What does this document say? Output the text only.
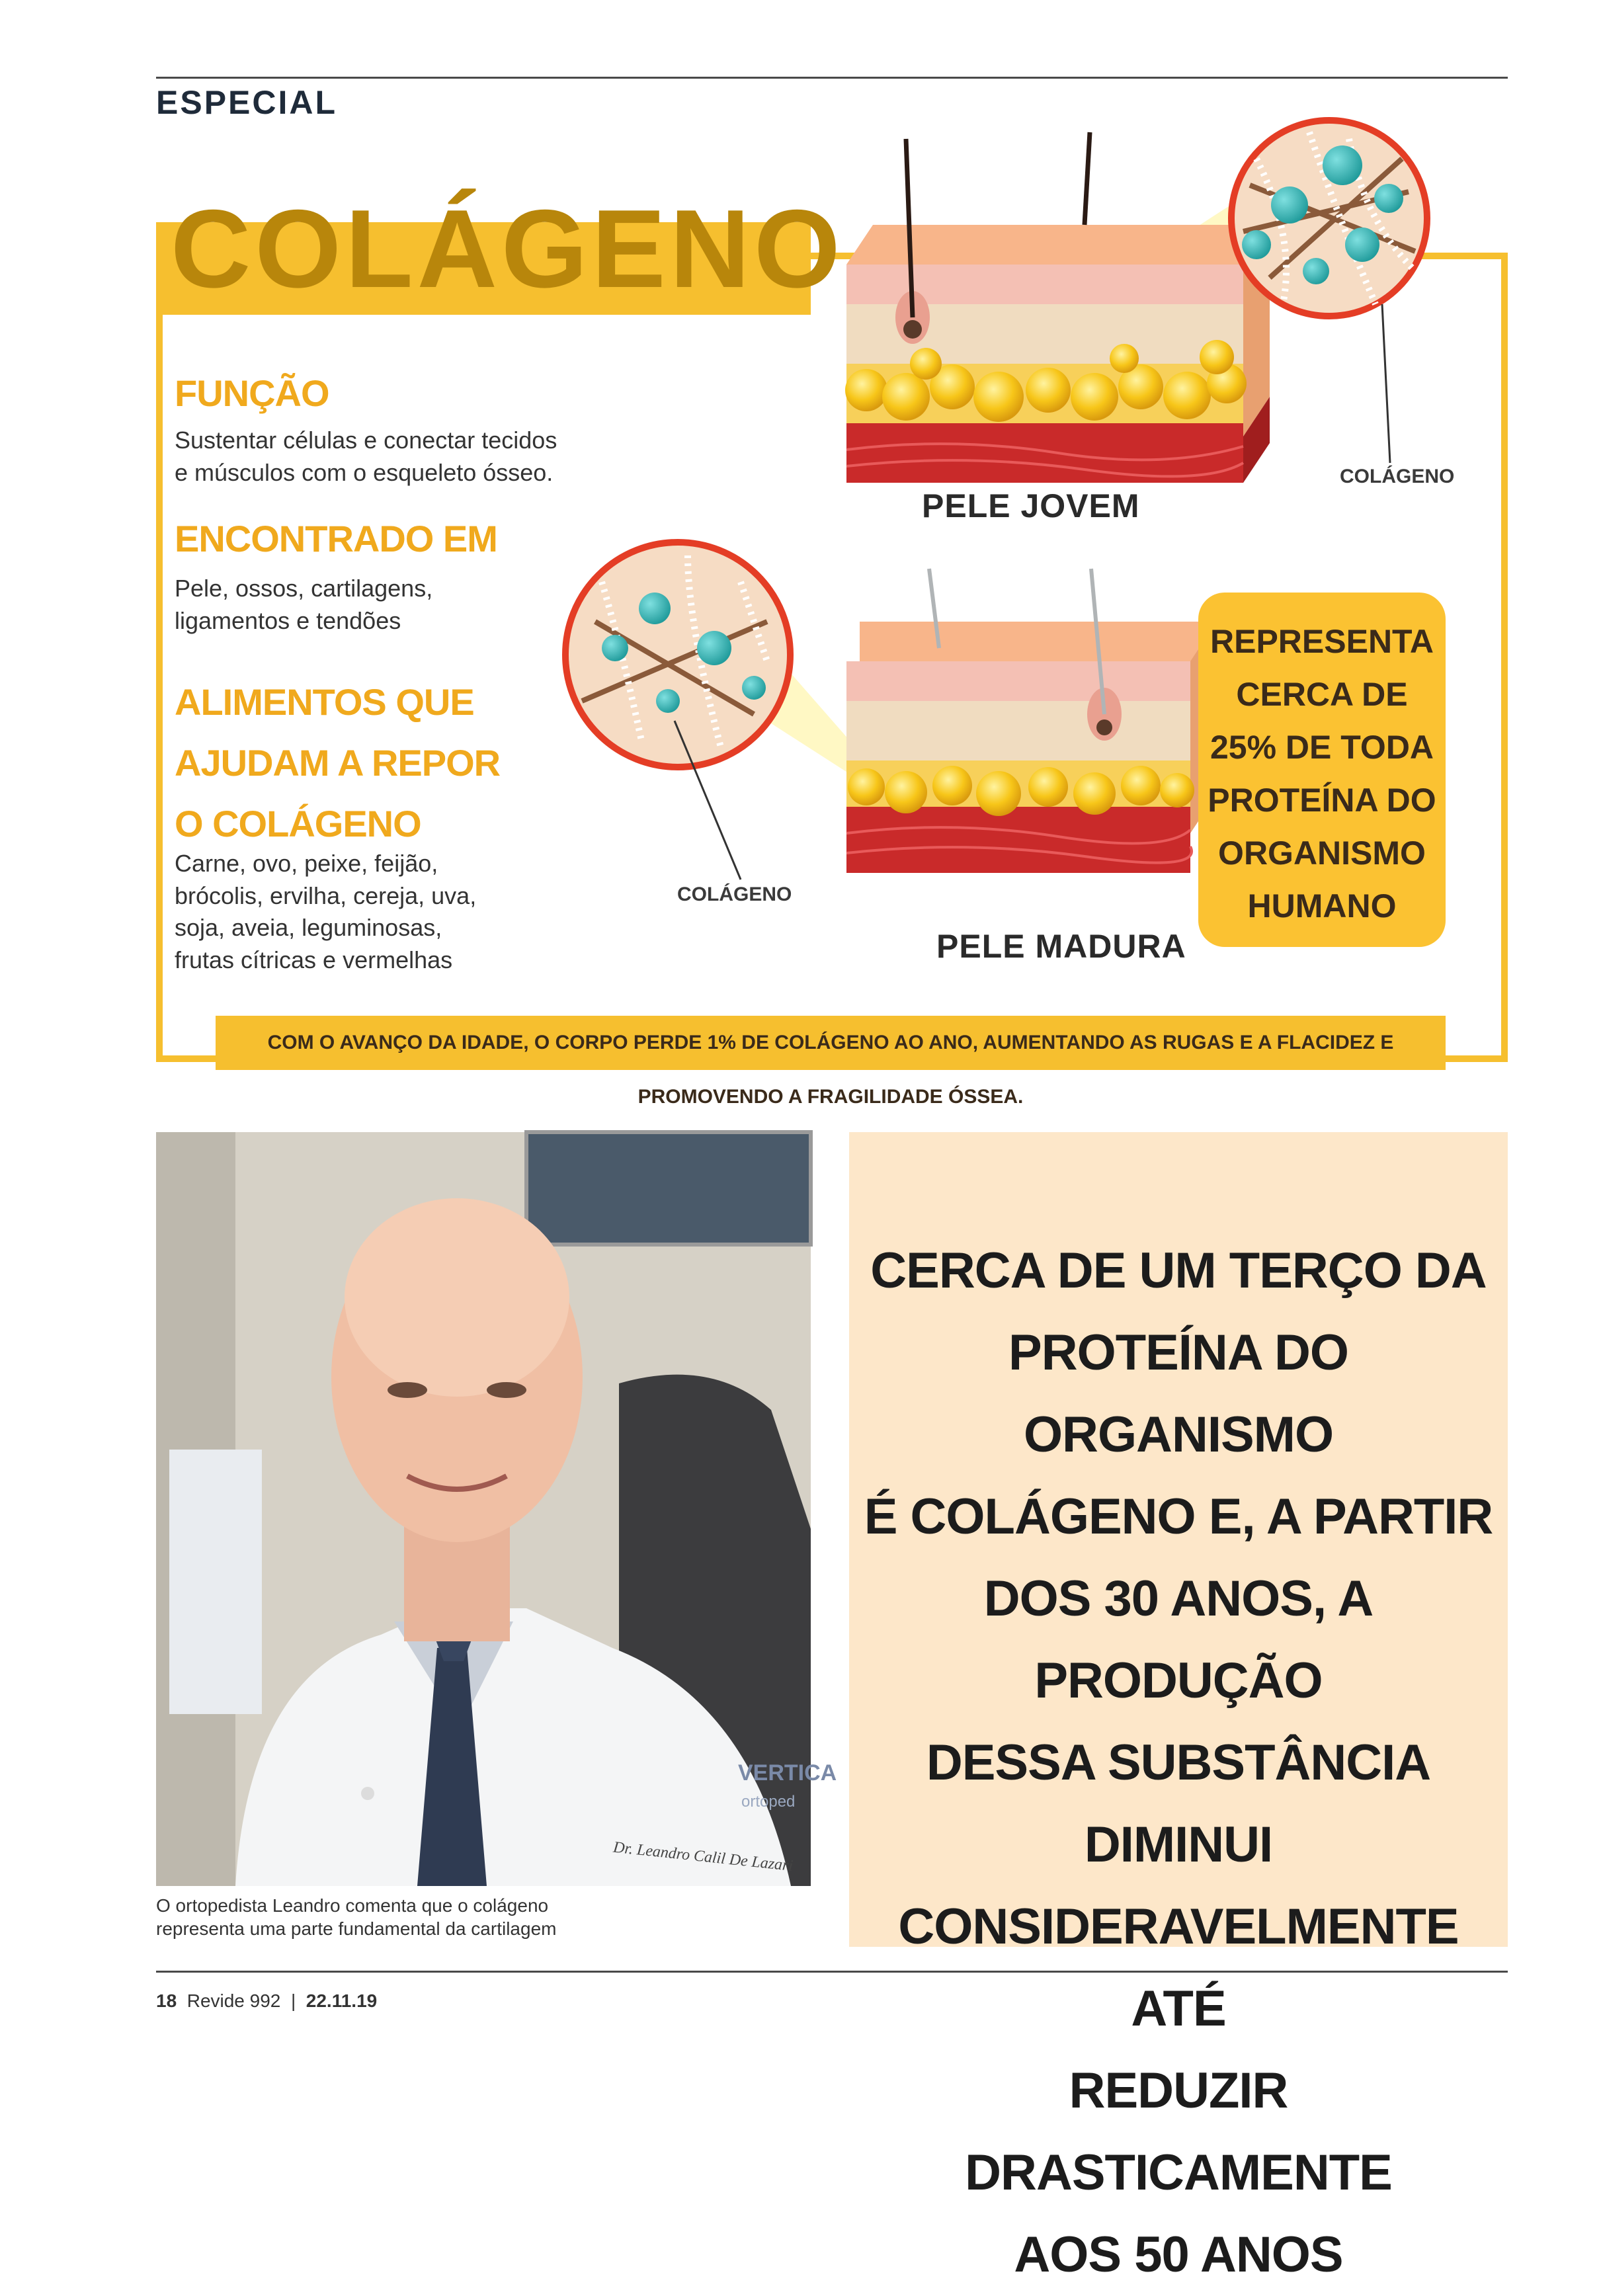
ESPECIAL
COLÁGENO
FUNÇÃO
Sustentar células e conectar tecidos
e músculos com o esqueleto ósseo.
ENCONTRADO EM
Pele, ossos, cartilagens,
ligamentos e tendões
ALIMENTOS QUE
AJUDAM A REPOR
O COLÁGENO
Carne, ovo, peixe, feijão,
brócolis, ervilha, cereja, uva,
soja, aveia, leguminosas,
frutas cítricas e vermelhas
PELE JOVEM
PELE MADURA
COLÁGENO
COLÁGENO
REPRESENTA
CERCA DE
25% DE TODA
PROTEÍNA DO
ORGANISMO
HUMANO
COM O AVANÇO DA IDADE, O CORPO PERDE 1% DE COLÁGENO AO ANO, AUMENTANDO AS RUGAS E A FLACIDEZ E PROMOVENDO A FRAGILIDADE ÓSSEA.
Dr. Leandro Calil De Lazari
VERTICA
ortoped
O ortopedista Leandro comenta que o colágeno
representa uma parte fundamental da cartilagem
CERCA DE UM TERÇO DA
PROTEÍNA DO ORGANISMO
É COLÁGENO E, A PARTIR
DOS 30 ANOS, A PRODUÇÃO
DESSA SUBSTÂNCIA DIMINUI
CONSIDERAVELMENTE ATÉ
REDUZIR DRASTICAMENTE
AOS 50 ANOS
18 Revide 992 | 22.11.19
